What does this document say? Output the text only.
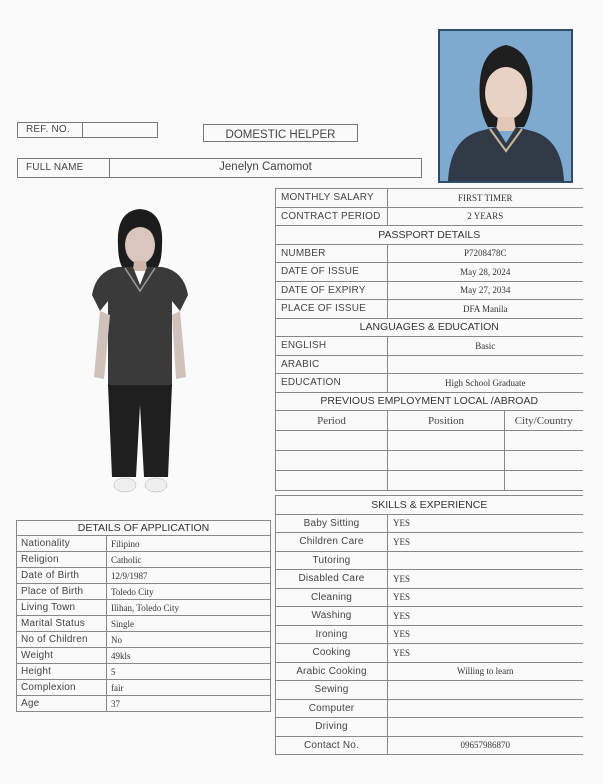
REF. NO.	DOMESTIC HELPER
FULL NAME	Jenelyn Camomot
MONTHLY SALARY	FIRST TIMER
CONTRACT PERIOD	2 YEARS
PASSPORT DETAILS	
NUMBER	P7208478C
DATE OF ISSUE	May 28, 2024
DATE OF EXPIRY	May 27, 2034
PLACE OF ISSUE	DFA Manila
LANGUAGES & EDUCATION	
ENGLISH	Basic
ARABIC	
EDUCATION	High School Graduate
PREVIOUS EMPLOYMENT LOCAL /ABROAD	
Period	Position	City/Country

SKILLS & EXPERIENCE	
Baby Sitting	YES
Children Care	YES
Tutoring	
Disabled Care	YES
Cleaning	YES
Washing	YES
Ironing	YES
Cooking	YES
Arabic Cooking	Willing to learn
Sewing	
Computer	
Driving	
Contact No.	09657986870
DETAILS OF APPLICATION	
Nationality	Filipino
Religion	Catholic
Date of Birth	12/9/1987
Place of Birth	Toledo City
Living Town	Ilihan, Toledo City
Marital Status	Single
No of Children	No
Weight	49kls
Height	5
Complexion	fair
Age	37
